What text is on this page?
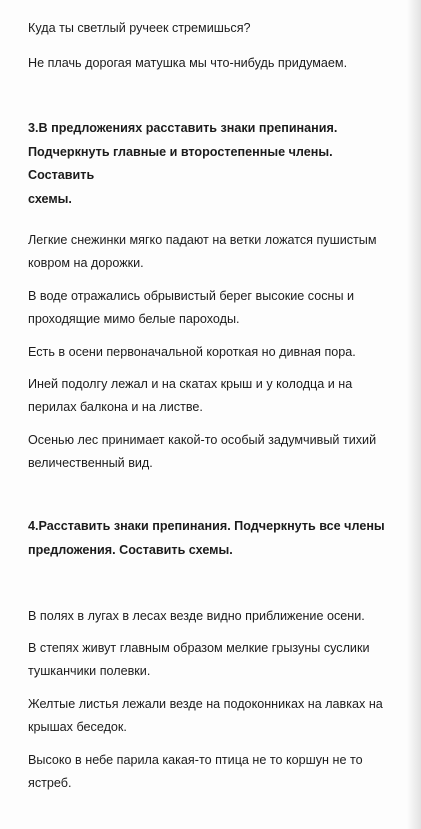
Куда ты светлый ручеек стремишься?

Не плачь дорогая матушка мы что-нибудь придумаем.

3.В предложениях расставить знаки препинания.
Подчеркнуть главные и второстепенные члены. Составить
схемы.

Легкие снежинки мягко падают на ветки ложатся пушистым
ковром на дорожки.

В воде отражались обрывистый берег высокие сосны и
проходящие мимо белые пароходы.

Есть в осени первоначальной короткая но дивная пора.

Иней подолгу лежал и на скатах крыш и у колодца и на
перилах балкона и на листве.

Осенью лес принимает какой-то особый задумчивый тихий
величественный вид.

4.Расставить знаки препинания. Подчеркнуть все члены
предложения. Составить схемы.

В полях в лугах в лесах везде видно приближение осени.

В степях живут главным образом мелкие грызуны суслики
тушканчики полевки.

Желтые листья лежали везде на подоконниках на лавках на
крышах беседок.

Высоко в небе парила какая-то птица не то коршун не то
ястреб.
